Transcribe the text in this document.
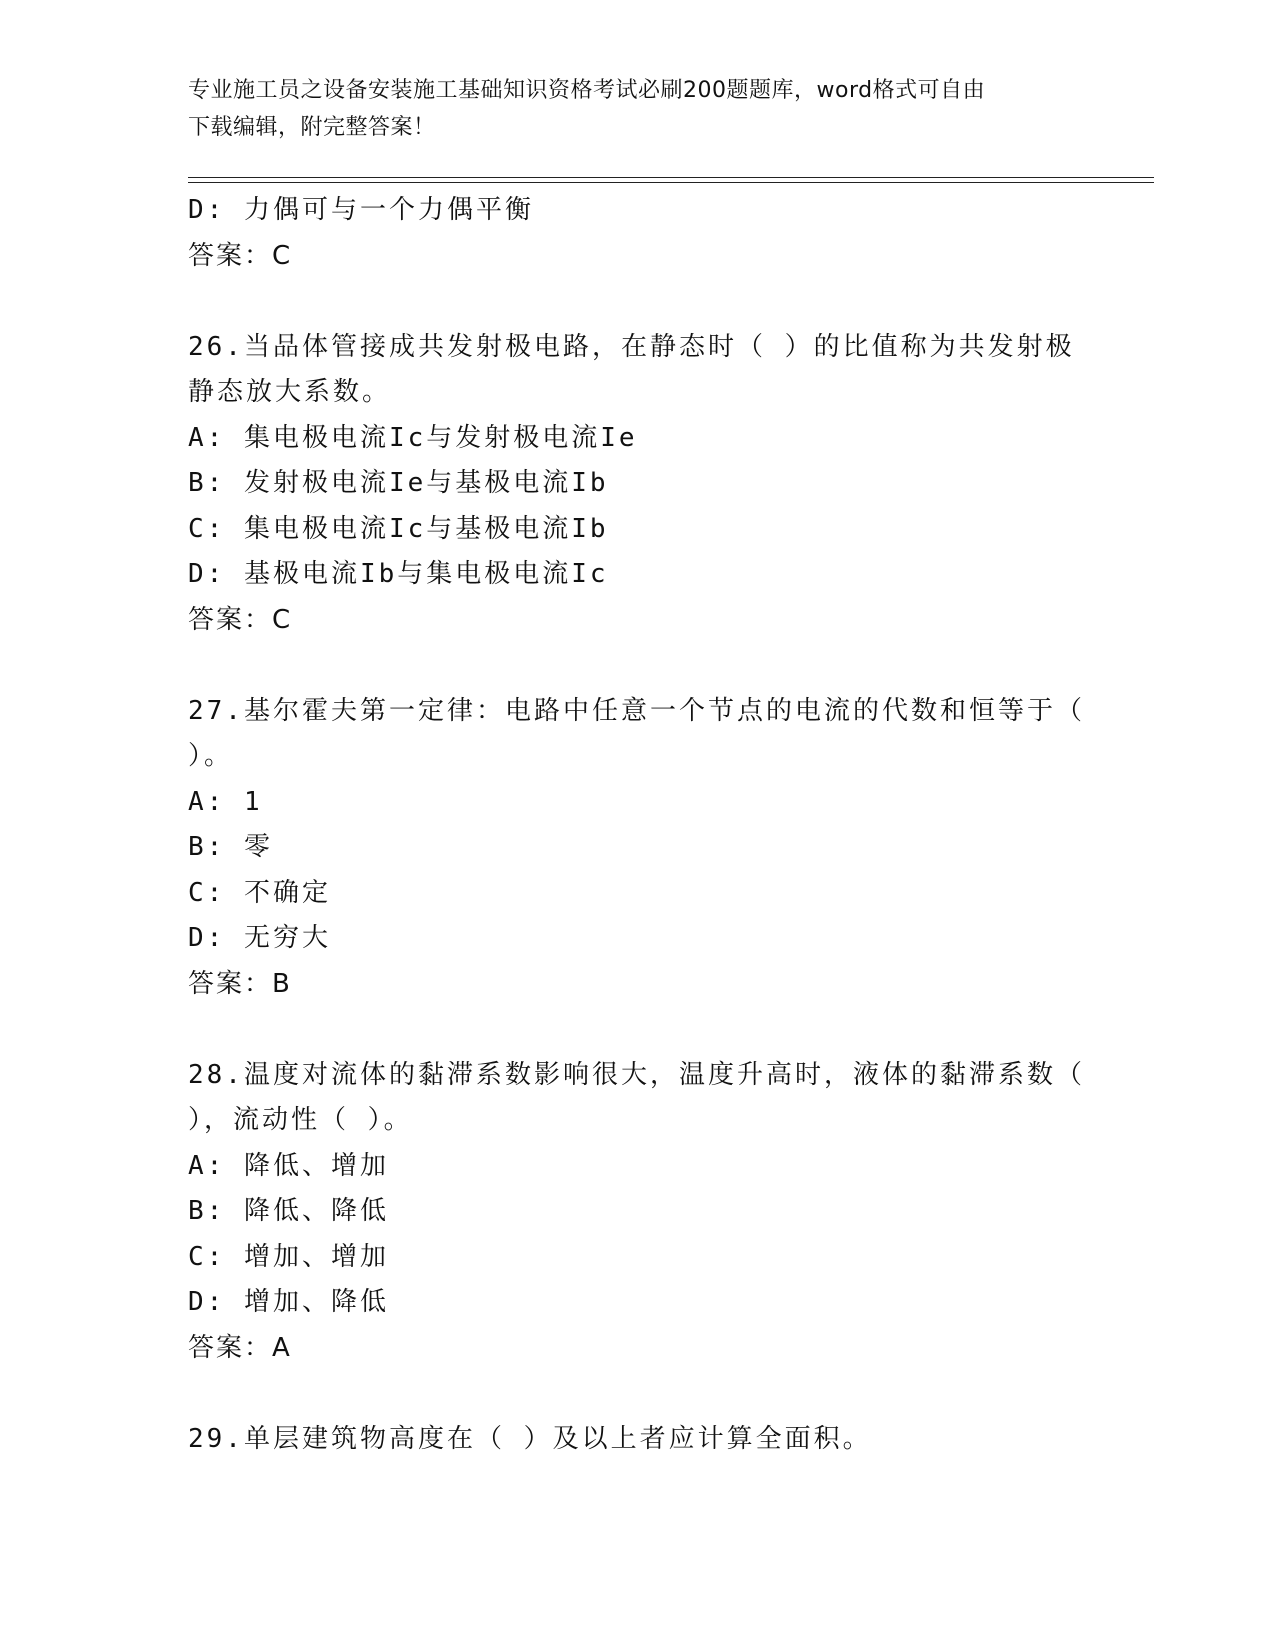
专业施工员之设备安装施工基础知识资格考试必刷200题题库，word格式可自由
下载编辑，附完整答案！
D: 力偶可与一个力偶平衡
答案：C
26.当品体管接成共发射极电路，在静态时（ ）的比值称为共发射极
静态放大系数。
A: 集电极电流Ic与发射极电流Ie
B: 发射极电流Ie与基极电流Ib
C: 集电极电流Ic与基极电流Ib
D: 基极电流Ib与集电极电流Ic
答案：C
27.基尔霍夫第一定律：电路中任意一个节点的电流的代数和恒等于（
）。
A: 1
B: 零
C: 不确定
D: 无穷大
答案：B
28.温度对流体的黏滞系数影响很大，温度升高时，液体的黏滞系数（
），流动性（ ）。
A: 降低、增加
B: 降低、降低
C: 增加、增加
D: 增加、降低
答案：A
29.单层建筑物高度在（ ）及以上者应计算全面积。
